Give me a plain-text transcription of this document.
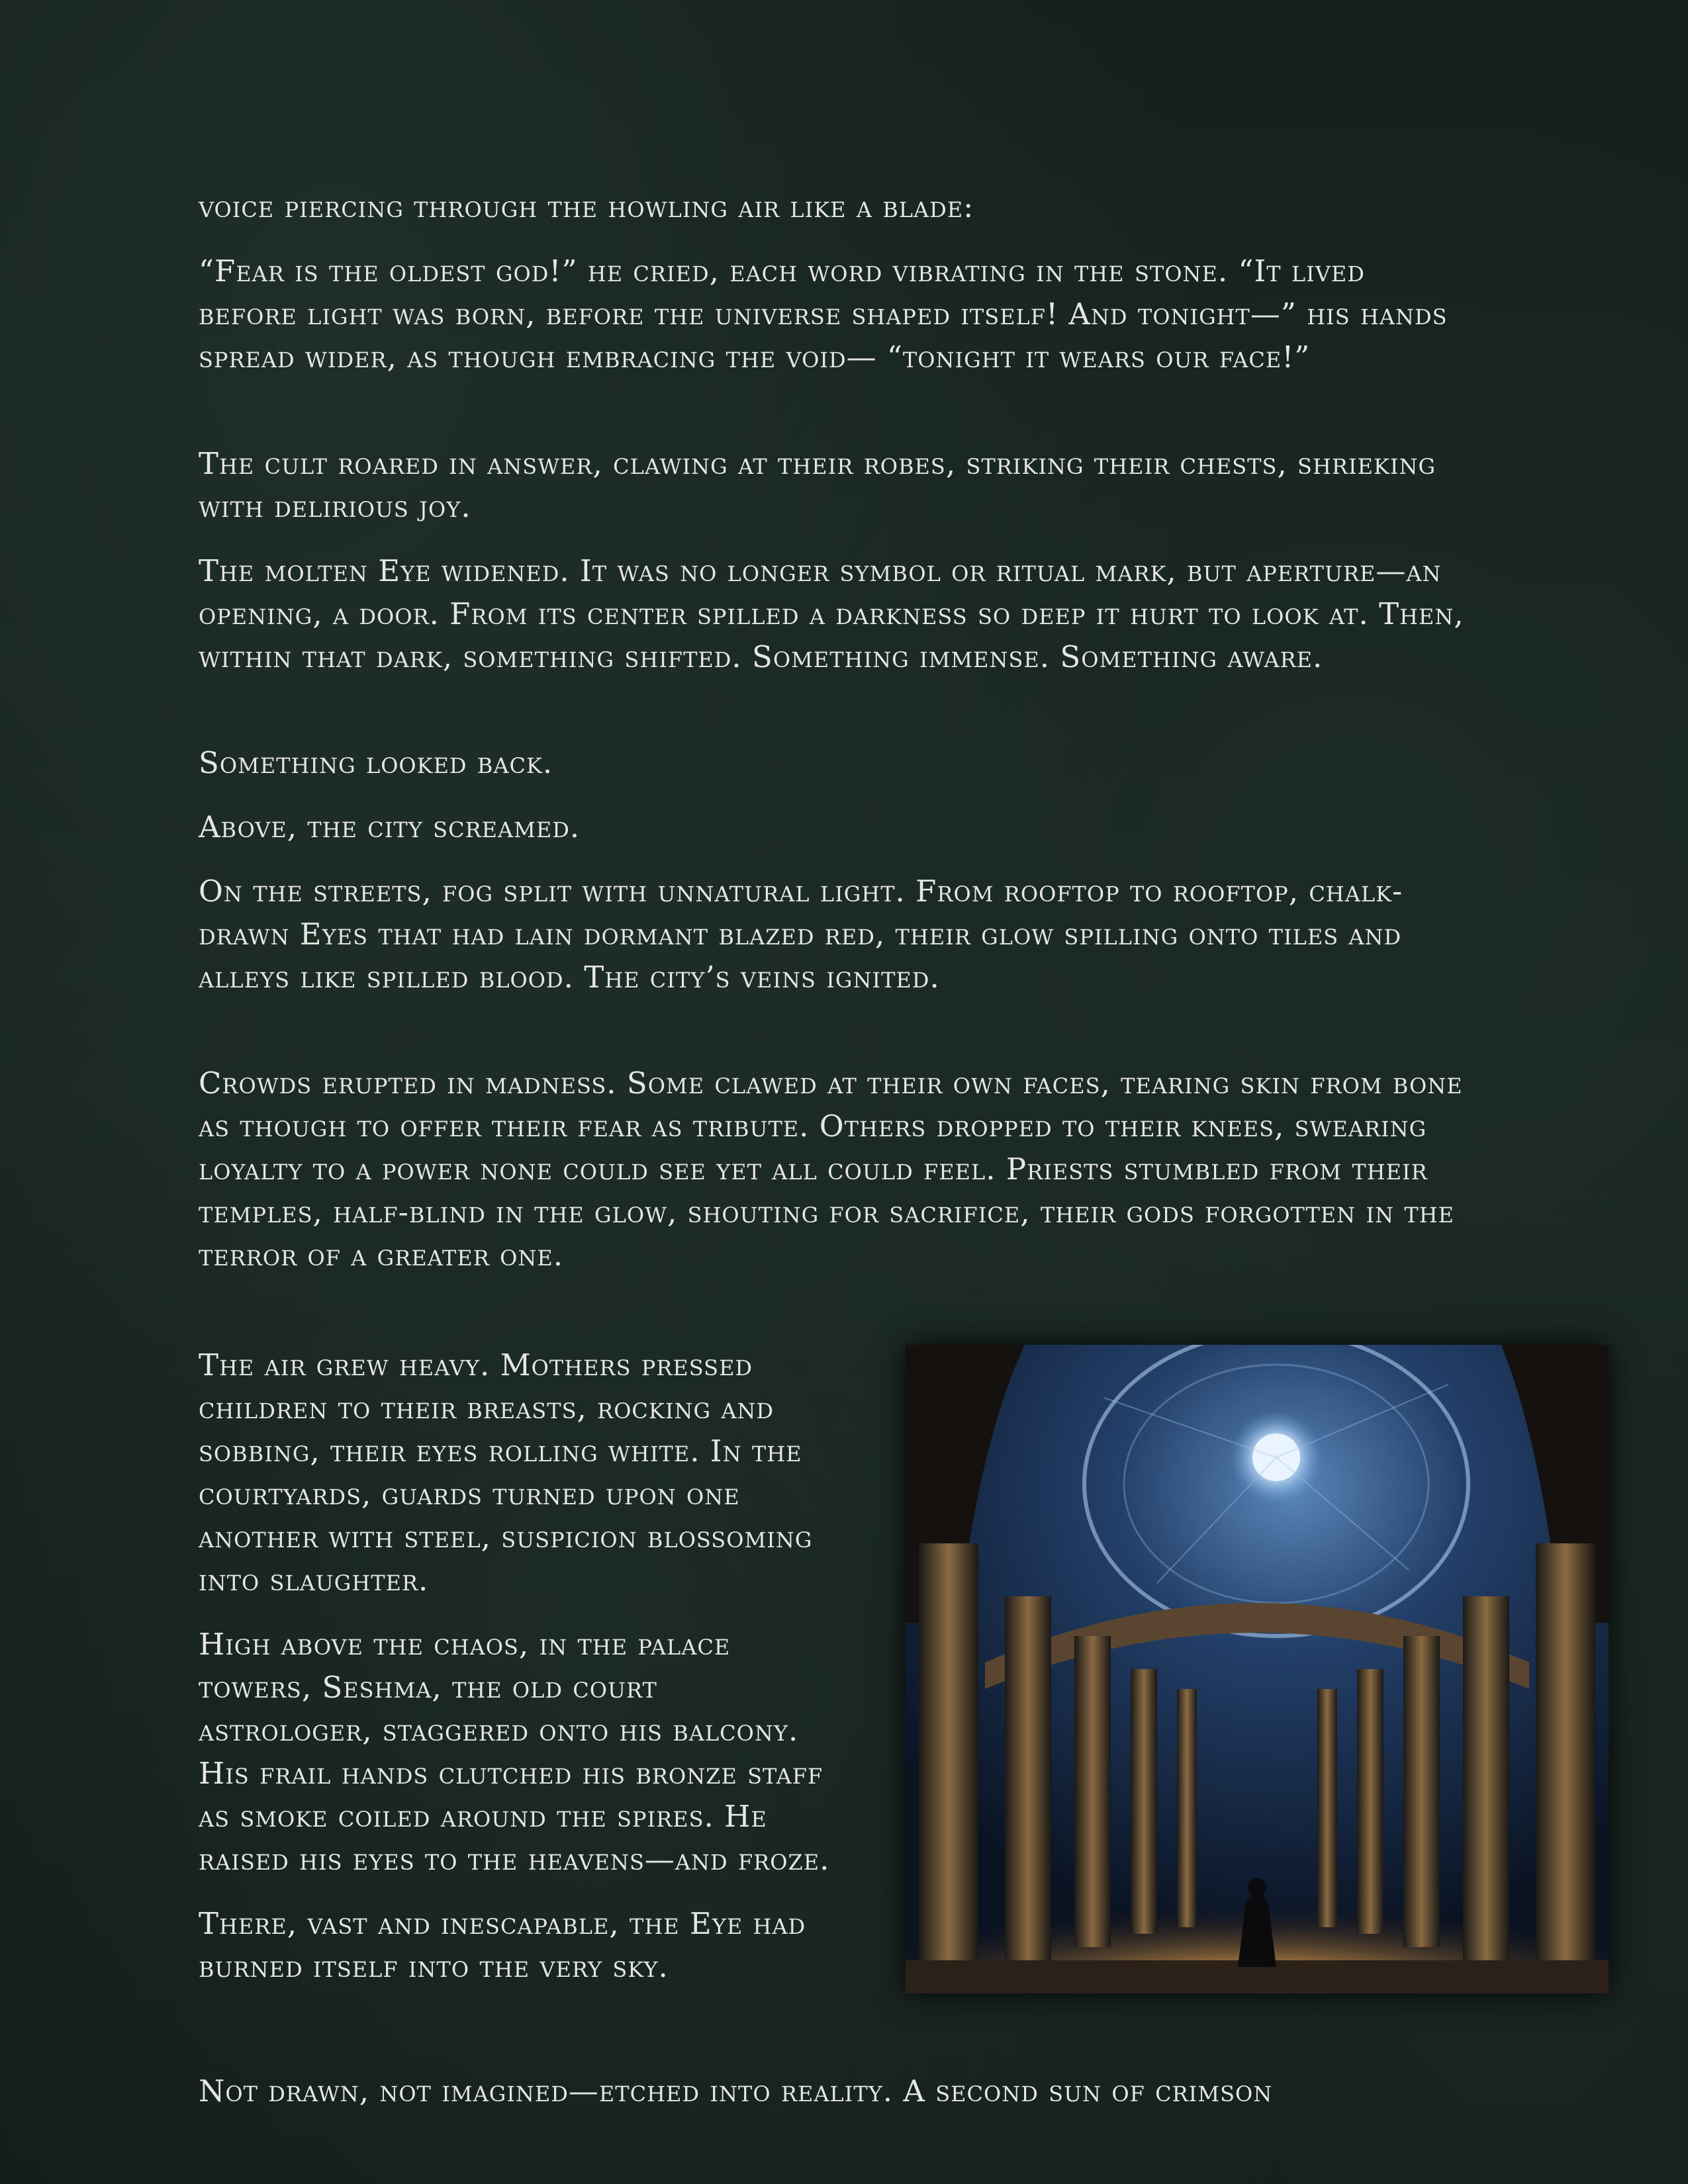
voice piercing through the howling air like a blade:

“Fear is the oldest god!” he cried, each word vibrating in the stone. “It lived before light was born, before the universe shaped itself! And tonight—” his hands spread wider, as though embracing the void— “tonight it wears our face!”

The cult roared in answer, clawing at their robes, striking their chests, shrieking with delirious joy.

The molten Eye widened. It was no longer symbol or ritual mark, but aperture—an opening, a door. From its center spilled a darkness so deep it hurt to look at. Then, within that dark, something shifted. Something immense. Something aware.

Something looked back.

Above, the city screamed.

On the streets, fog split with unnatural light. From rooftop to rooftop, chalk-drawn Eyes that had lain dormant blazed red, their glow spilling onto tiles and alleys like spilled blood. The city’s veins ignited.

Crowds erupted in madness. Some clawed at their own faces, tearing skin from bone as though to offer their fear as tribute. Others dropped to their knees, swearing loyalty to a power none could see yet all could feel. Priests stumbled from their temples, half-blind in the glow, shouting for sacrifice, their gods forgotten in the terror of a greater one.

The air grew heavy. Mothers pressed children to their breasts, rocking and sobbing, their eyes rolling white. In the courtyards, guards turned upon one another with steel, suspicion blossoming into slaughter.

High above the chaos, in the palace towers, Seshma, the old court astrologer, staggered onto his balcony. His frail hands clutched his bronze staff as smoke coiled around the spires. He raised his eyes to the heavens—and froze.

There, vast and inescapable, the Eye had burned itself into the very sky.

Not drawn, not imagined—etched into reality. A second sun of crimson
